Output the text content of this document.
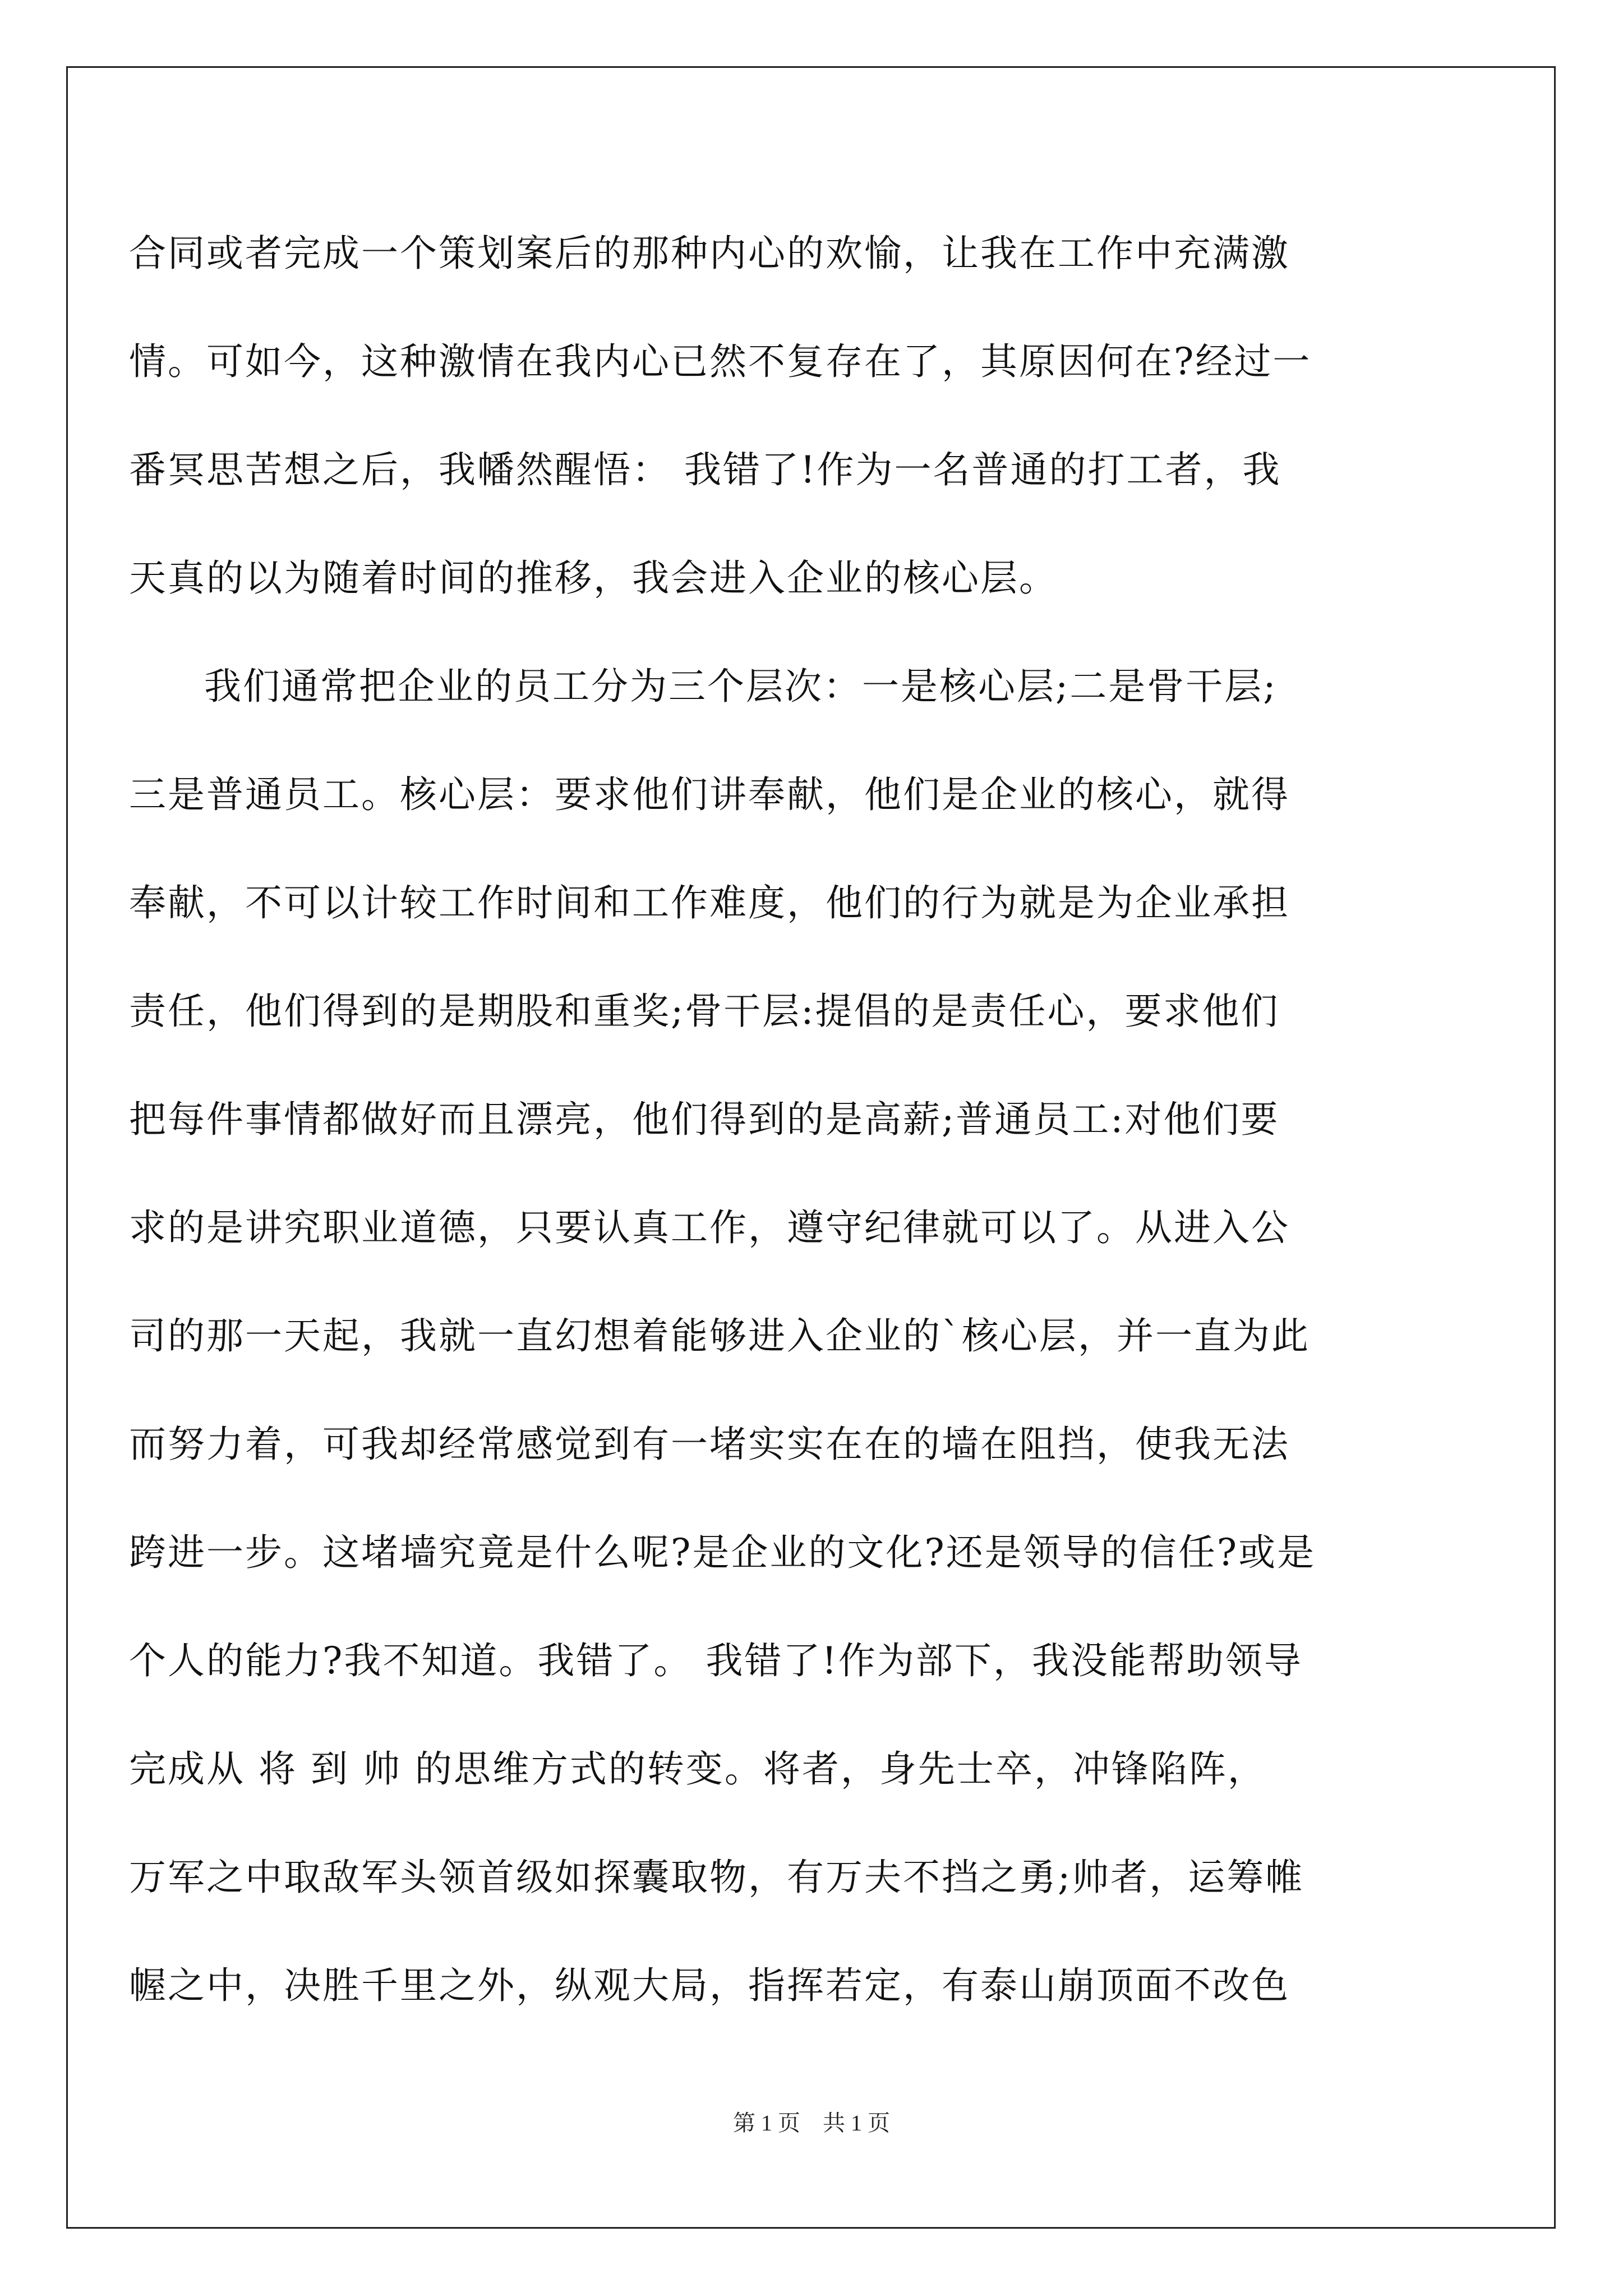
合同或者完成一个策划案后的那种内心的欢愉，让我在工作中充满激
情。可如今，这种激情在我内心已然不复存在了，其原因何在?经过一
番冥思苦想之后，我幡然醒悟： 我错了!作为一名普通的打工者，我
天真的以为随着时间的推移，我会进入企业的核心层。
我们通常把企业的员工分为三个层次：一是核心层;二是骨干层;
三是普通员工。核心层：要求他们讲奉献，他们是企业的核心，就得
奉献，不可以计较工作时间和工作难度，他们的行为就是为企业承担
责任，他们得到的是期股和重奖;骨干层:提倡的是责任心，要求他们
把每件事情都做好而且漂亮，他们得到的是高薪;普通员工:对他们要
求的是讲究职业道德，只要认真工作，遵守纪律就可以了。从进入公
司的那一天起，我就一直幻想着能够进入企业的`核心层，并一直为此
而努力着，可我却经常感觉到有一堵实实在在的墙在阻挡，使我无法
跨进一步。这堵墙究竟是什么呢?是企业的文化?还是领导的信任?或是
个人的能力?我不知道。我错了。 我错了!作为部下，我没能帮助领导
完成从 将 到 帅 的思维方式的转变。将者，身先士卒，冲锋陷阵，
万军之中取敌军头领首级如探囊取物，有万夫不挡之勇;帅者，运筹帷
幄之中，决胜千里之外，纵观大局，指挥若定，有泰山崩顶面不改色
第 1 页　共 1 页
